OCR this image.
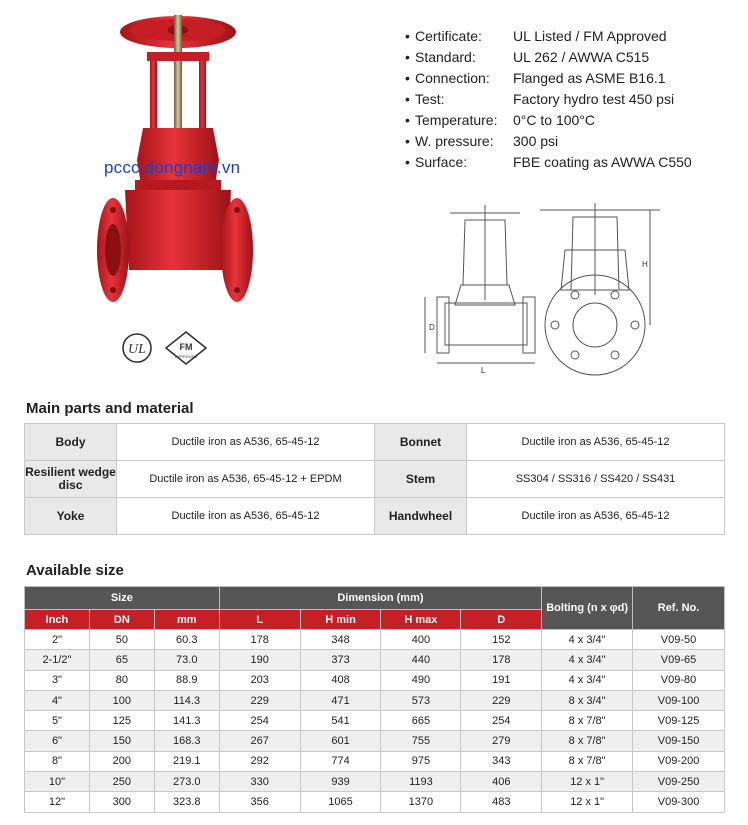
pccc dongnam.vn
UL	FM
APPROVED
• Certificate:	UL Listed / FM Approved
• Standard:	UL 262 / AWWA C515
• Connection:	Flanged as ASME B16.1
• Test:	Factory hydro test 450 psi
• Temperature:	0°C to 100°C
• W. pressure:	300 psi
• Surface:	FBE coating as AWWA C550
D
L
H
Main parts and material
Body	Ductile iron as A536, 65-45-12	Bonnet	Ductile iron as A536, 65-45-12
Resilient wedge disc	Ductile iron as A536, 65-45-12 + EPDM	Stem	SS304 / SS316 / SS420 / SS431
Yoke	Ductile iron as A536, 65-45-12	Handwheel	Ductile iron as A536, 65-45-12
Available size
Size			Dimension (mm)				Bolting (n x φd)	Ref. No.
Inch	DN	mm	L	H min	H max	D		
2"	50	60.3	178	348	400	152	4 x 3/4"	V09-50
2-1/2"	65	73.0	190	373	440	178	4 x 3/4"	V09-65
3"	80	88.9	203	408	490	191	4 x 3/4"	V09-80
4"	100	114.3	229	471	573	229	8 x 3/4"	V09-100
5"	125	141.3	254	541	665	254	8 x 7/8"	V09-125
6"	150	168.3	267	601	755	279	8 x 7/8"	V09-150
8"	200	219.1	292	774	975	343	8 x 7/8"	V09-200
10"	250	273.0	330	939	1193	406	12 x 1"	V09-250
12"	300	323.8	356	1065	1370	483	12 x 1"	V09-300
